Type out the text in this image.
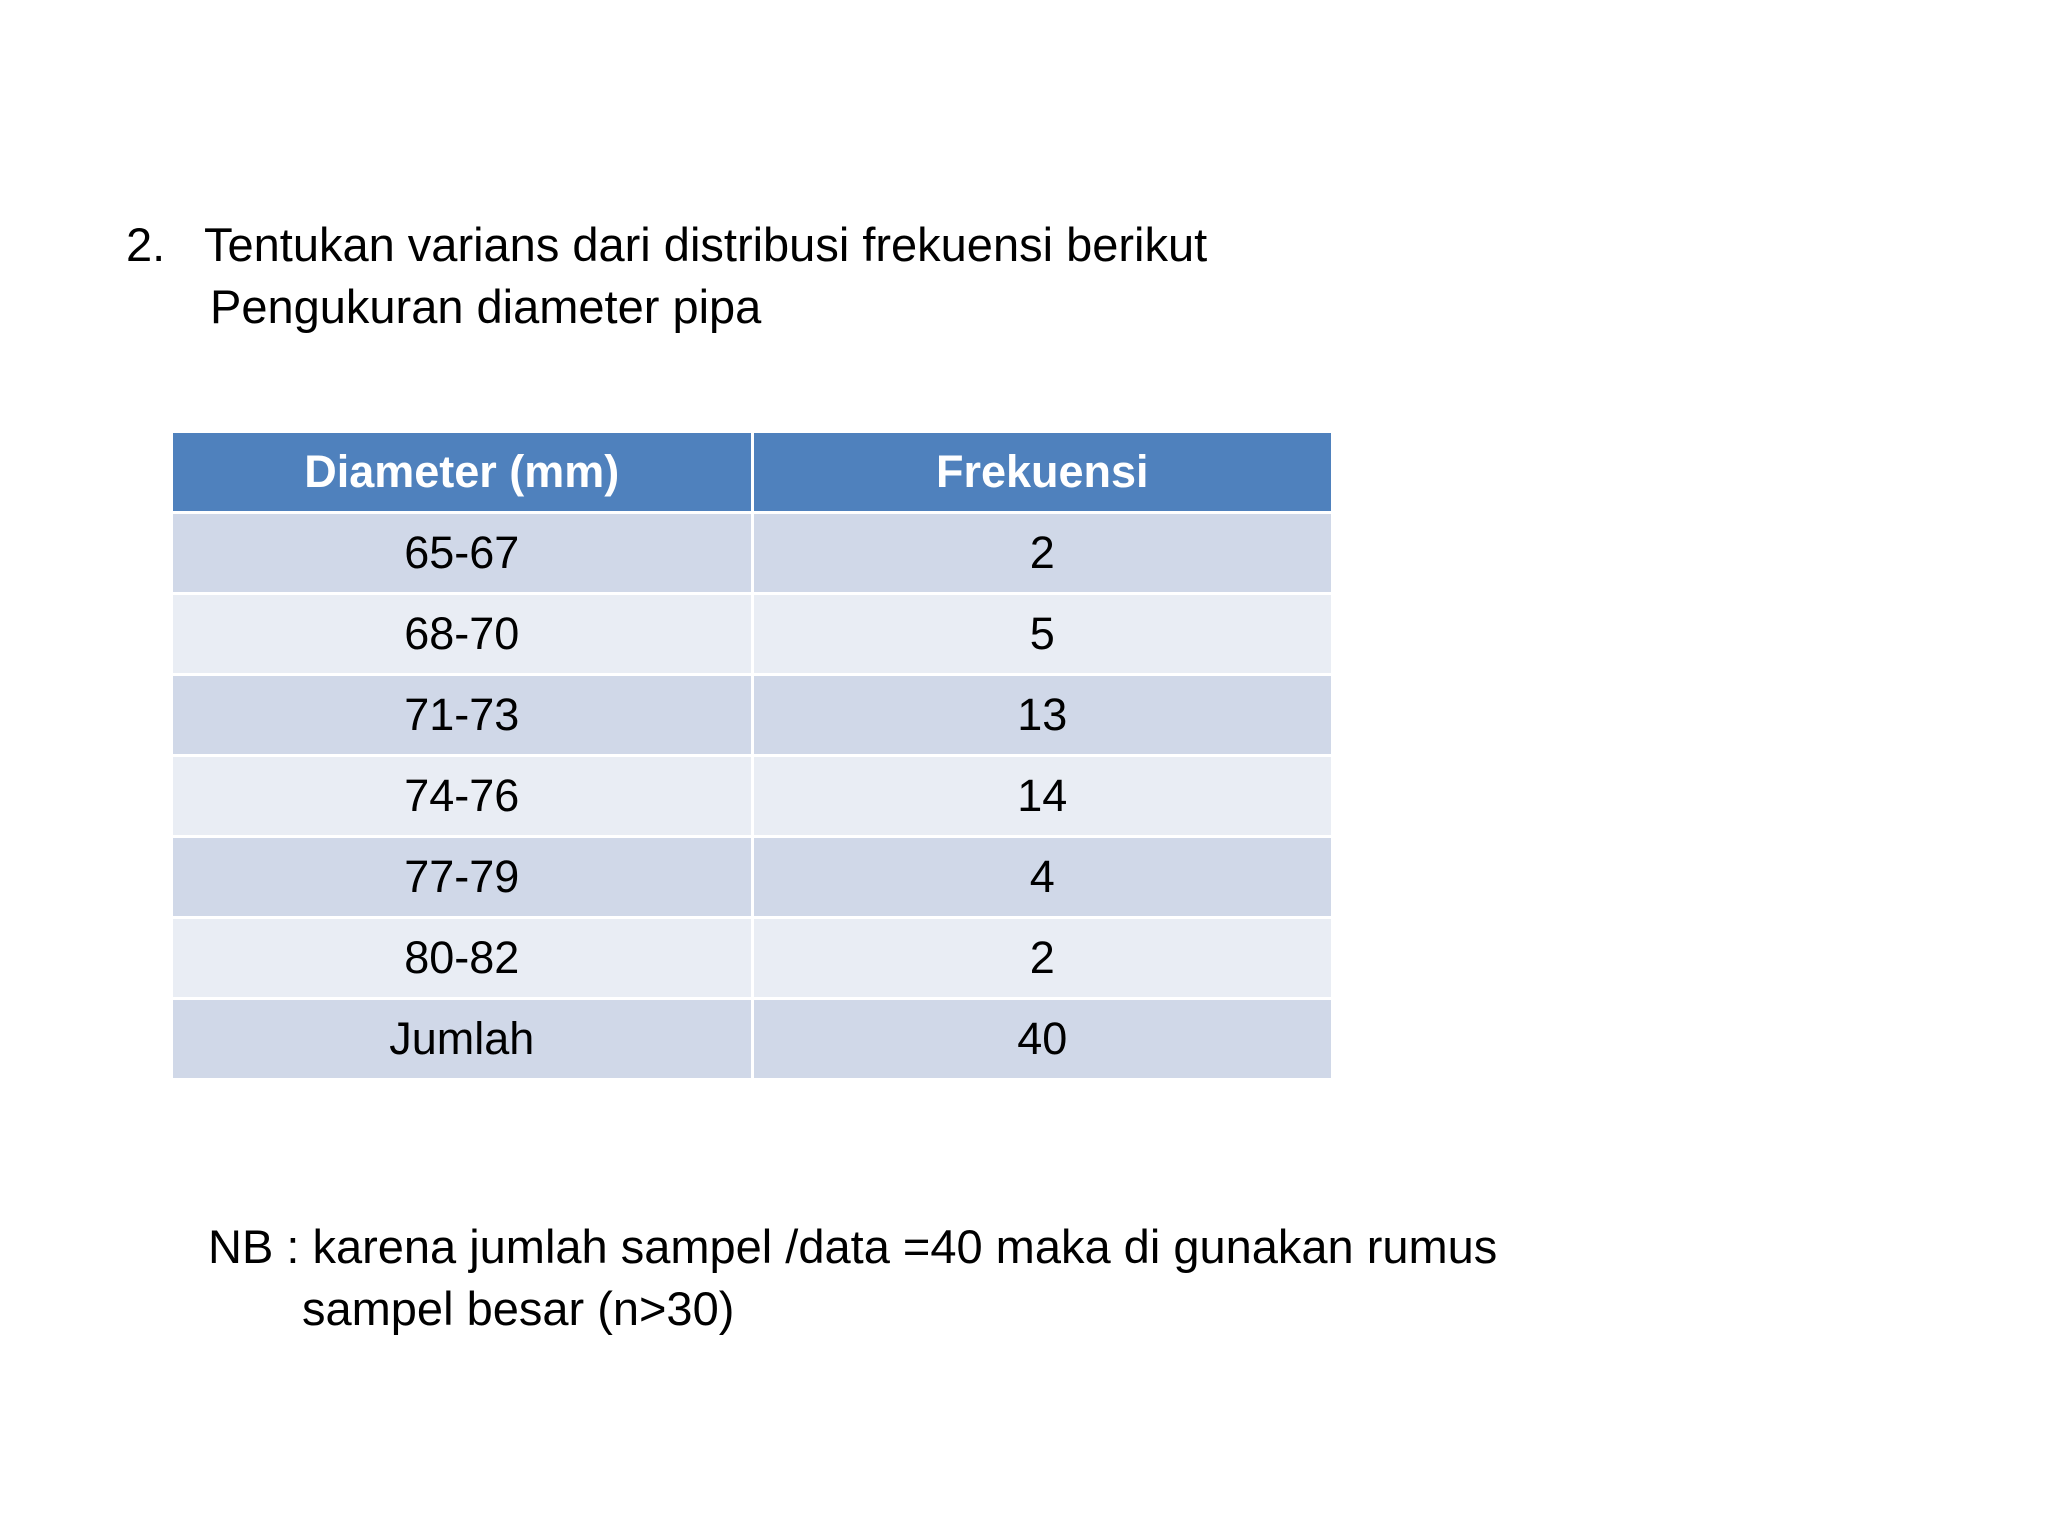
2. Tentukan varians dari distribusi frekuensi berikut
Pengukuran diameter pipa
Diameter (mm)	Frekuensi
65-67	2
68-70	5
71-73	13
74-76	14
77-79	4
80-82	2
Jumlah	40
NB : karena jumlah sampel /data =40 maka di gunakan rumus
sampel besar (n>30)
